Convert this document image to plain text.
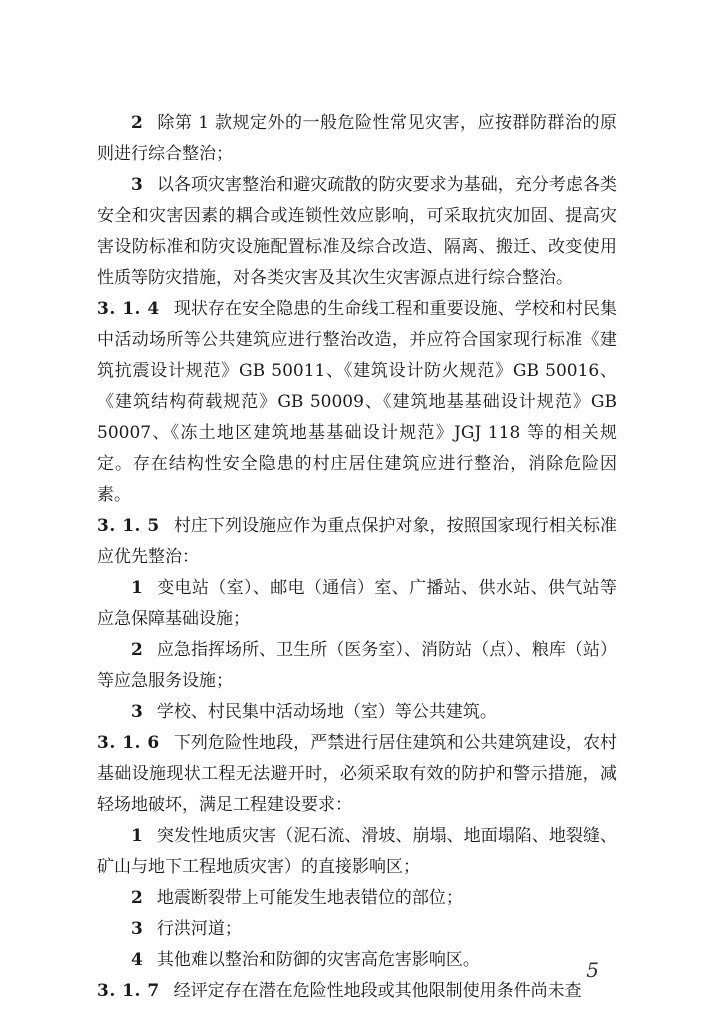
2 除第 1 款规定外的一般危险性常见灾害，应按群防群治的原则进行综合整治；

3 以各项灾害整治和避灾疏散的防灾要求为基础，充分考虑各类安全和灾害因素的耦合或连锁性效应影响，可采取抗灾加固、提高灾害设防标准和防灾设施配置标准及综合改造、隔离、搬迁、改变使用性质等防灾措施，对各类灾害及其次生灾害源点进行综合整治。

3. 1. 4 现状存在安全隐患的生命线工程和重要设施、学校和村民集中活动场所等公共建筑应进行整治改造，并应符合国家现行标准《建筑抗震设计规范》GB 50011、《建筑设计防火规范》GB 50016、《建筑结构荷载规范》GB 50009、《建筑地基基础设计规范》GB 50007、《冻土地区建筑地基基础设计规范》JGJ 118 等的相关规定。存在结构性安全隐患的村庄居住建筑应进行整治，消除危险因素。

3. 1. 5 村庄下列设施应作为重点保护对象，按照国家现行相关标准应优先整治：

1 变电站（室）、邮电（通信）室、广播站、供水站、供气站等应急保障基础设施；

2 应急指挥场所、卫生所（医务室）、消防站（点）、粮库（站）等应急服务设施；

3 学校、村民集中活动场地（室）等公共建筑。

3. 1. 6 下列危险性地段，严禁进行居住建筑和公共建筑建设，农村基础设施现状工程无法避开时，必须采取有效的防护和警示措施，减轻场地破坏，满足工程建设要求：

1 突发性地质灾害（泥石流、滑坡、崩塌、地面塌陷、地裂缝、矿山与地下工程地质灾害）的直接影响区；

2 地震断裂带上可能发生地表错位的部位；

3 行洪河道；

4 其他难以整治和防御的灾害高危害影响区。

3. 1. 7 经评定存在潜在危险性地段或其他限制使用条件尚未查

5
